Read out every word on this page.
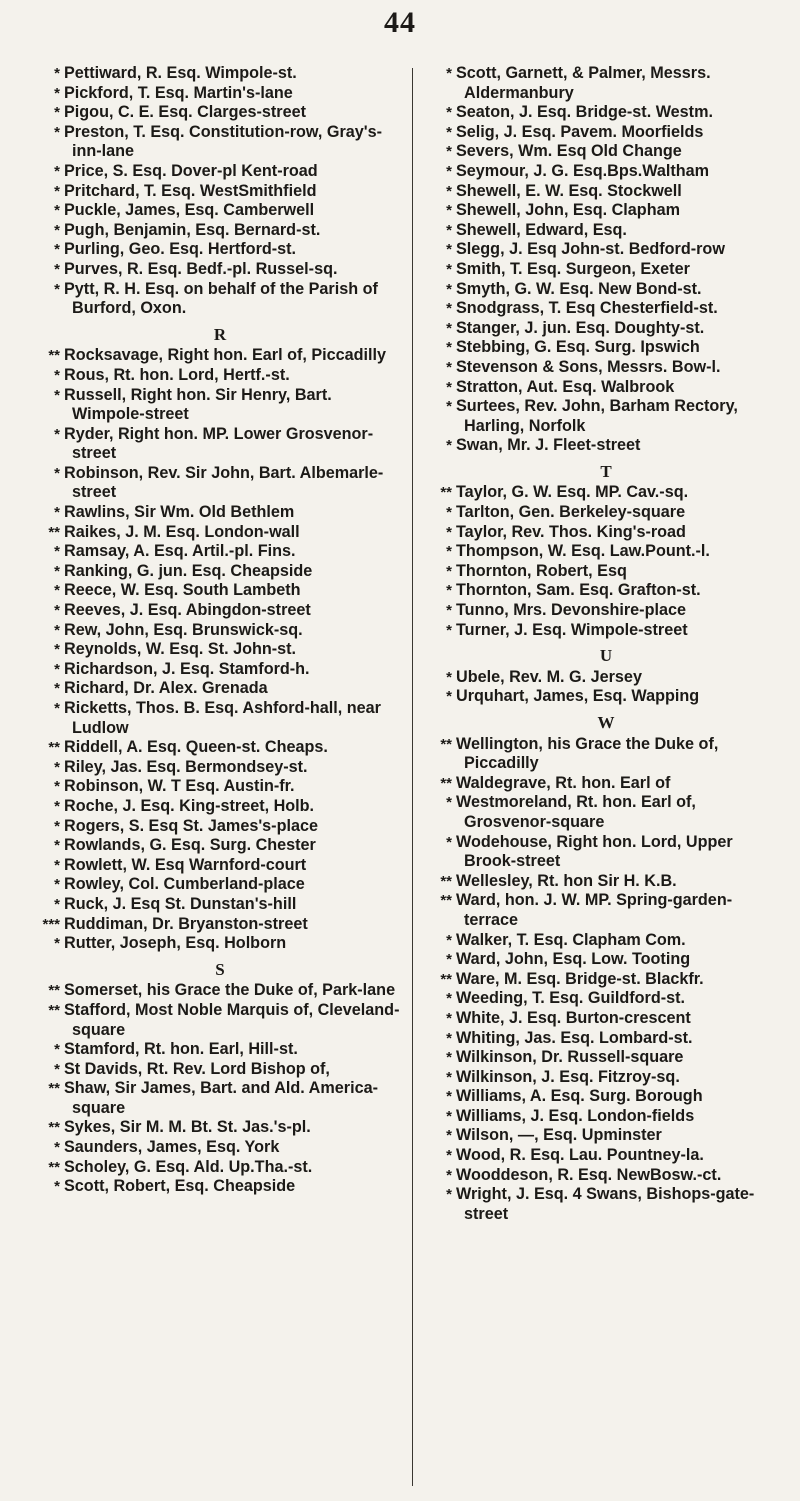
44
* Pettiward, R. Esq. Wimpole-st.
* Pickford, T. Esq. Martin's-lane
* Pigou, C. E. Esq. Clarges-street
* Preston, T. Esq. Constitution-row, Gray's-inn-lane
* Price, S. Esq. Dover-pl Kent-road
* Pritchard, T. Esq. WestSmithfield
* Puckle, James, Esq. Camberwell
* Pugh, Benjamin, Esq. Bernard-st.
* Purling, Geo. Esq. Hertford-st.
* Purves, R. Esq. Bedf.-pl. Russel-sq.
* Pytt, R. H. Esq. on behalf of the Parish of Burford, Oxon.
R
** Rocksavage, Right hon. Earl of, Piccadilly
* Rous, Rt. hon. Lord, Hertf.-st.
* Russell, Right hon. Sir Henry, Bart. Wimpole-street
* Ryder, Right hon. MP. Lower Grosvenor-street
* Robinson, Rev. Sir John, Bart. Albemarle-street
* Rawlins, Sir Wm. Old Bethlem
** Raikes, J. M. Esq. London-wall
* Ramsay, A. Esq. Artil.-pl. Fins.
* Ranking, G. jun. Esq. Cheapside
* Reece, W. Esq. South Lambeth
* Reeves, J. Esq. Abingdon-street
* Rew, John, Esq. Brunswick-sq.
* Reynolds, W. Esq. St. John-st.
* Richardson, J. Esq. Stamford-h.
* Richard, Dr. Alex. Grenada
* Ricketts, Thos. B. Esq. Ashford-hall, near Ludlow
** Riddell, A. Esq. Queen-st. Cheaps.
* Riley, Jas. Esq. Bermondsey-st.
* Robinson, W. T Esq. Austin-fr.
* Roche, J. Esq. King-street, Holb.
* Rogers, S. Esq St. James's-place
* Rowlands, G. Esq. Surg. Chester
* Rowlett, W. Esq Warnford-court
* Rowley, Col. Cumberland-place
* Ruck, J. Esq St. Dunstan's-hill
*** Ruddiman, Dr. Bryanston-street
* Rutter, Joseph, Esq. Holborn
S
** Somerset, his Grace the Duke of, Park-lane
** Stafford, Most Noble Marquis of, Cleveland-square
* Stamford, Rt. hon. Earl, Hill-st.
* St Davids, Rt. Rev. Lord Bishop of,
** Shaw, Sir James, Bart. and Ald. America-square
** Sykes, Sir M. M. Bt. St. Jas.'s-pl.
* Saunders, James, Esq. York
** Scholey, G. Esq. Ald. Up.Tha.-st.
* Scott, Robert, Esq. Cheapside
* Scott, Garnett, & Palmer, Messrs. Aldermanbury
* Seaton, J. Esq. Bridge-st. Westm.
* Selig, J. Esq. Pavem. Moorfields
* Severs, Wm. Esq Old Change
* Seymour, J. G. Esq.Bps.Waltham
* Shewell, E. W. Esq. Stockwell
* Shewell, John, Esq. Clapham
* Shewell, Edward, Esq.
* Slegg, J. Esq John-st. Bedford-row
* Smith, T. Esq. Surgeon, Exeter
* Smyth, G. W. Esq. New Bond-st.
* Snodgrass, T. Esq Chesterfield-st.
* Stanger, J. jun. Esq. Doughty-st.
* Stebbing, G. Esq. Surg. Ipswich
* Stevenson & Sons, Messrs. Bow-l.
* Stratton, Aut. Esq. Walbrook
* Surtees, Rev. John, Barham Rectory, Harling, Norfolk
* Swan, Mr. J. Fleet-street
T
** Taylor, G. W. Esq. MP. Cav.-sq.
* Tarlton, Gen. Berkeley-square
* Taylor, Rev. Thos. King's-road
* Thompson, W. Esq. Law.Pount.-l.
* Thornton, Robert, Esq
* Thornton, Sam. Esq. Grafton-st.
* Tunno, Mrs. Devonshire-place
* Turner, J. Esq. Wimpole-street
U
* Ubele, Rev. M. G. Jersey
* Urquhart, James, Esq. Wapping
W
** Wellington, his Grace the Duke of, Piccadilly
** Waldegrave, Rt. hon. Earl of
* Westmoreland, Rt. hon. Earl of, Grosvenor-square
* Wodehouse, Right hon. Lord, Upper Brook-street
** Wellesley, Rt. hon Sir H. K.B.
** Ward, hon. J. W. MP. Spring-garden-terrace
* Walker, T. Esq. Clapham Com.
* Ward, John, Esq. Low. Tooting
** Ware, M. Esq. Bridge-st. Blackfr.
* Weeding, T. Esq. Guildford-st.
* White, J. Esq. Burton-crescent
* Whiting, Jas. Esq. Lombard-st.
* Wilkinson, Dr. Russell-square
* Wilkinson, J. Esq. Fitzroy-sq.
* Williams, A. Esq. Surg. Borough
* Williams, J. Esq. London-fields
* Wilson, —, Esq. Upminster
* Wood, R. Esq. Lau. Pountney-la.
* Wooddeson, R. Esq. NewBosw.-ct.
* Wright, J. Esq. 4 Swans, Bishops-gate-street
